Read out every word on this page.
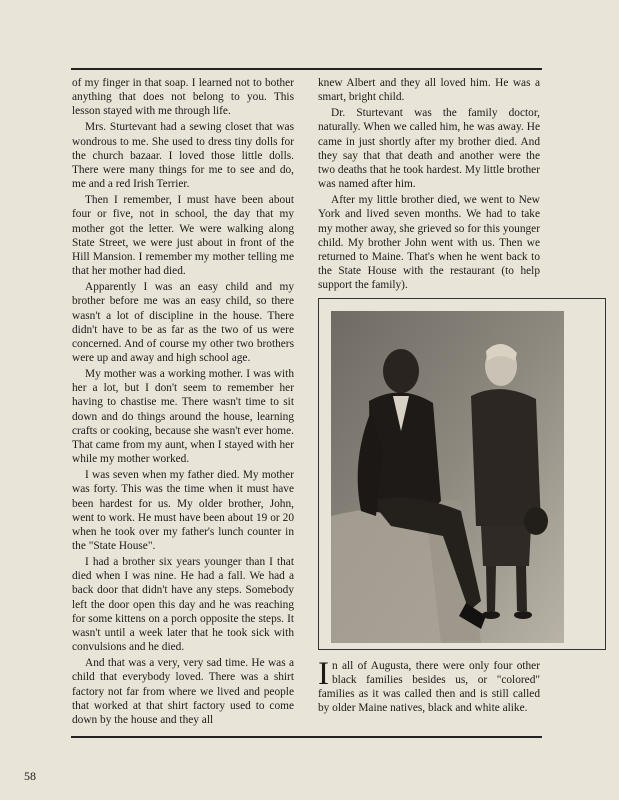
of my finger in that soap. I learned not to bother anything that does not belong to you. This lesson stayed with me through life.

Mrs. Sturtevant had a sewing closet that was wondrous to me. She used to dress tiny dolls for the church bazaar. I loved those little dolls. There were many things for me to see and do, me and a red Irish Terrier.

Then I remember, I must have been about four or five, not in school, the day that my mother got the letter. We were walking along State Street, we were just about in front of the Hill Mansion. I remember my mother telling me that her mother had died.

Apparently I was an easy child and my brother before me was an easy child, so there wasn't a lot of discipline in the house. There didn't have to be as far as the two of us were concerned. And of course my other two brothers were up and away and high school age.

My mother was a working mother. I was with her a lot, but I don't seem to remember her having to chastise me. There wasn't time to sit down and do things around the house, learning crafts or cooking, because she wasn't ever home. That came from my aunt, when I stayed with her while my mother worked.

I was seven when my father died. My mother was forty. This was the time when it must have been hardest for us. My older brother, John, went to work. He must have been about 19 or 20 when he took over my father's lunch counter in the "State House".

I had a brother six years younger than I that died when I was nine. He had a fall. We had a back door that didn't have any steps. Somebody left the door open this day and he was reaching for some kittens on a porch opposite the steps. It wasn't until a week later that he took sick with convulsions and he died.

And that was a very, very sad time. He was a child that everybody loved. There was a shirt factory not far from where we lived and people that worked at that shirt factory used to come down by the house and they all

knew Albert and they all loved him. He was a smart, bright child.

Dr. Sturtevant was the family doctor, naturally. When we called him, he was away. He came in just shortly after my brother died. And they say that that death and another were the two deaths that he took hardest. My little brother was named after him.

After my little brother died, we went to New York and lived seven months. We had to take my mother away, she grieved so for this younger child. My brother John went with us. Then we returned to Maine. That's when he went back to the State House with the restaurant (to help support the family).

In all of Augusta, there were only four other black families besides us, or "colored" families as it was called then and is still called by older Maine natives, black and white alike.
58
